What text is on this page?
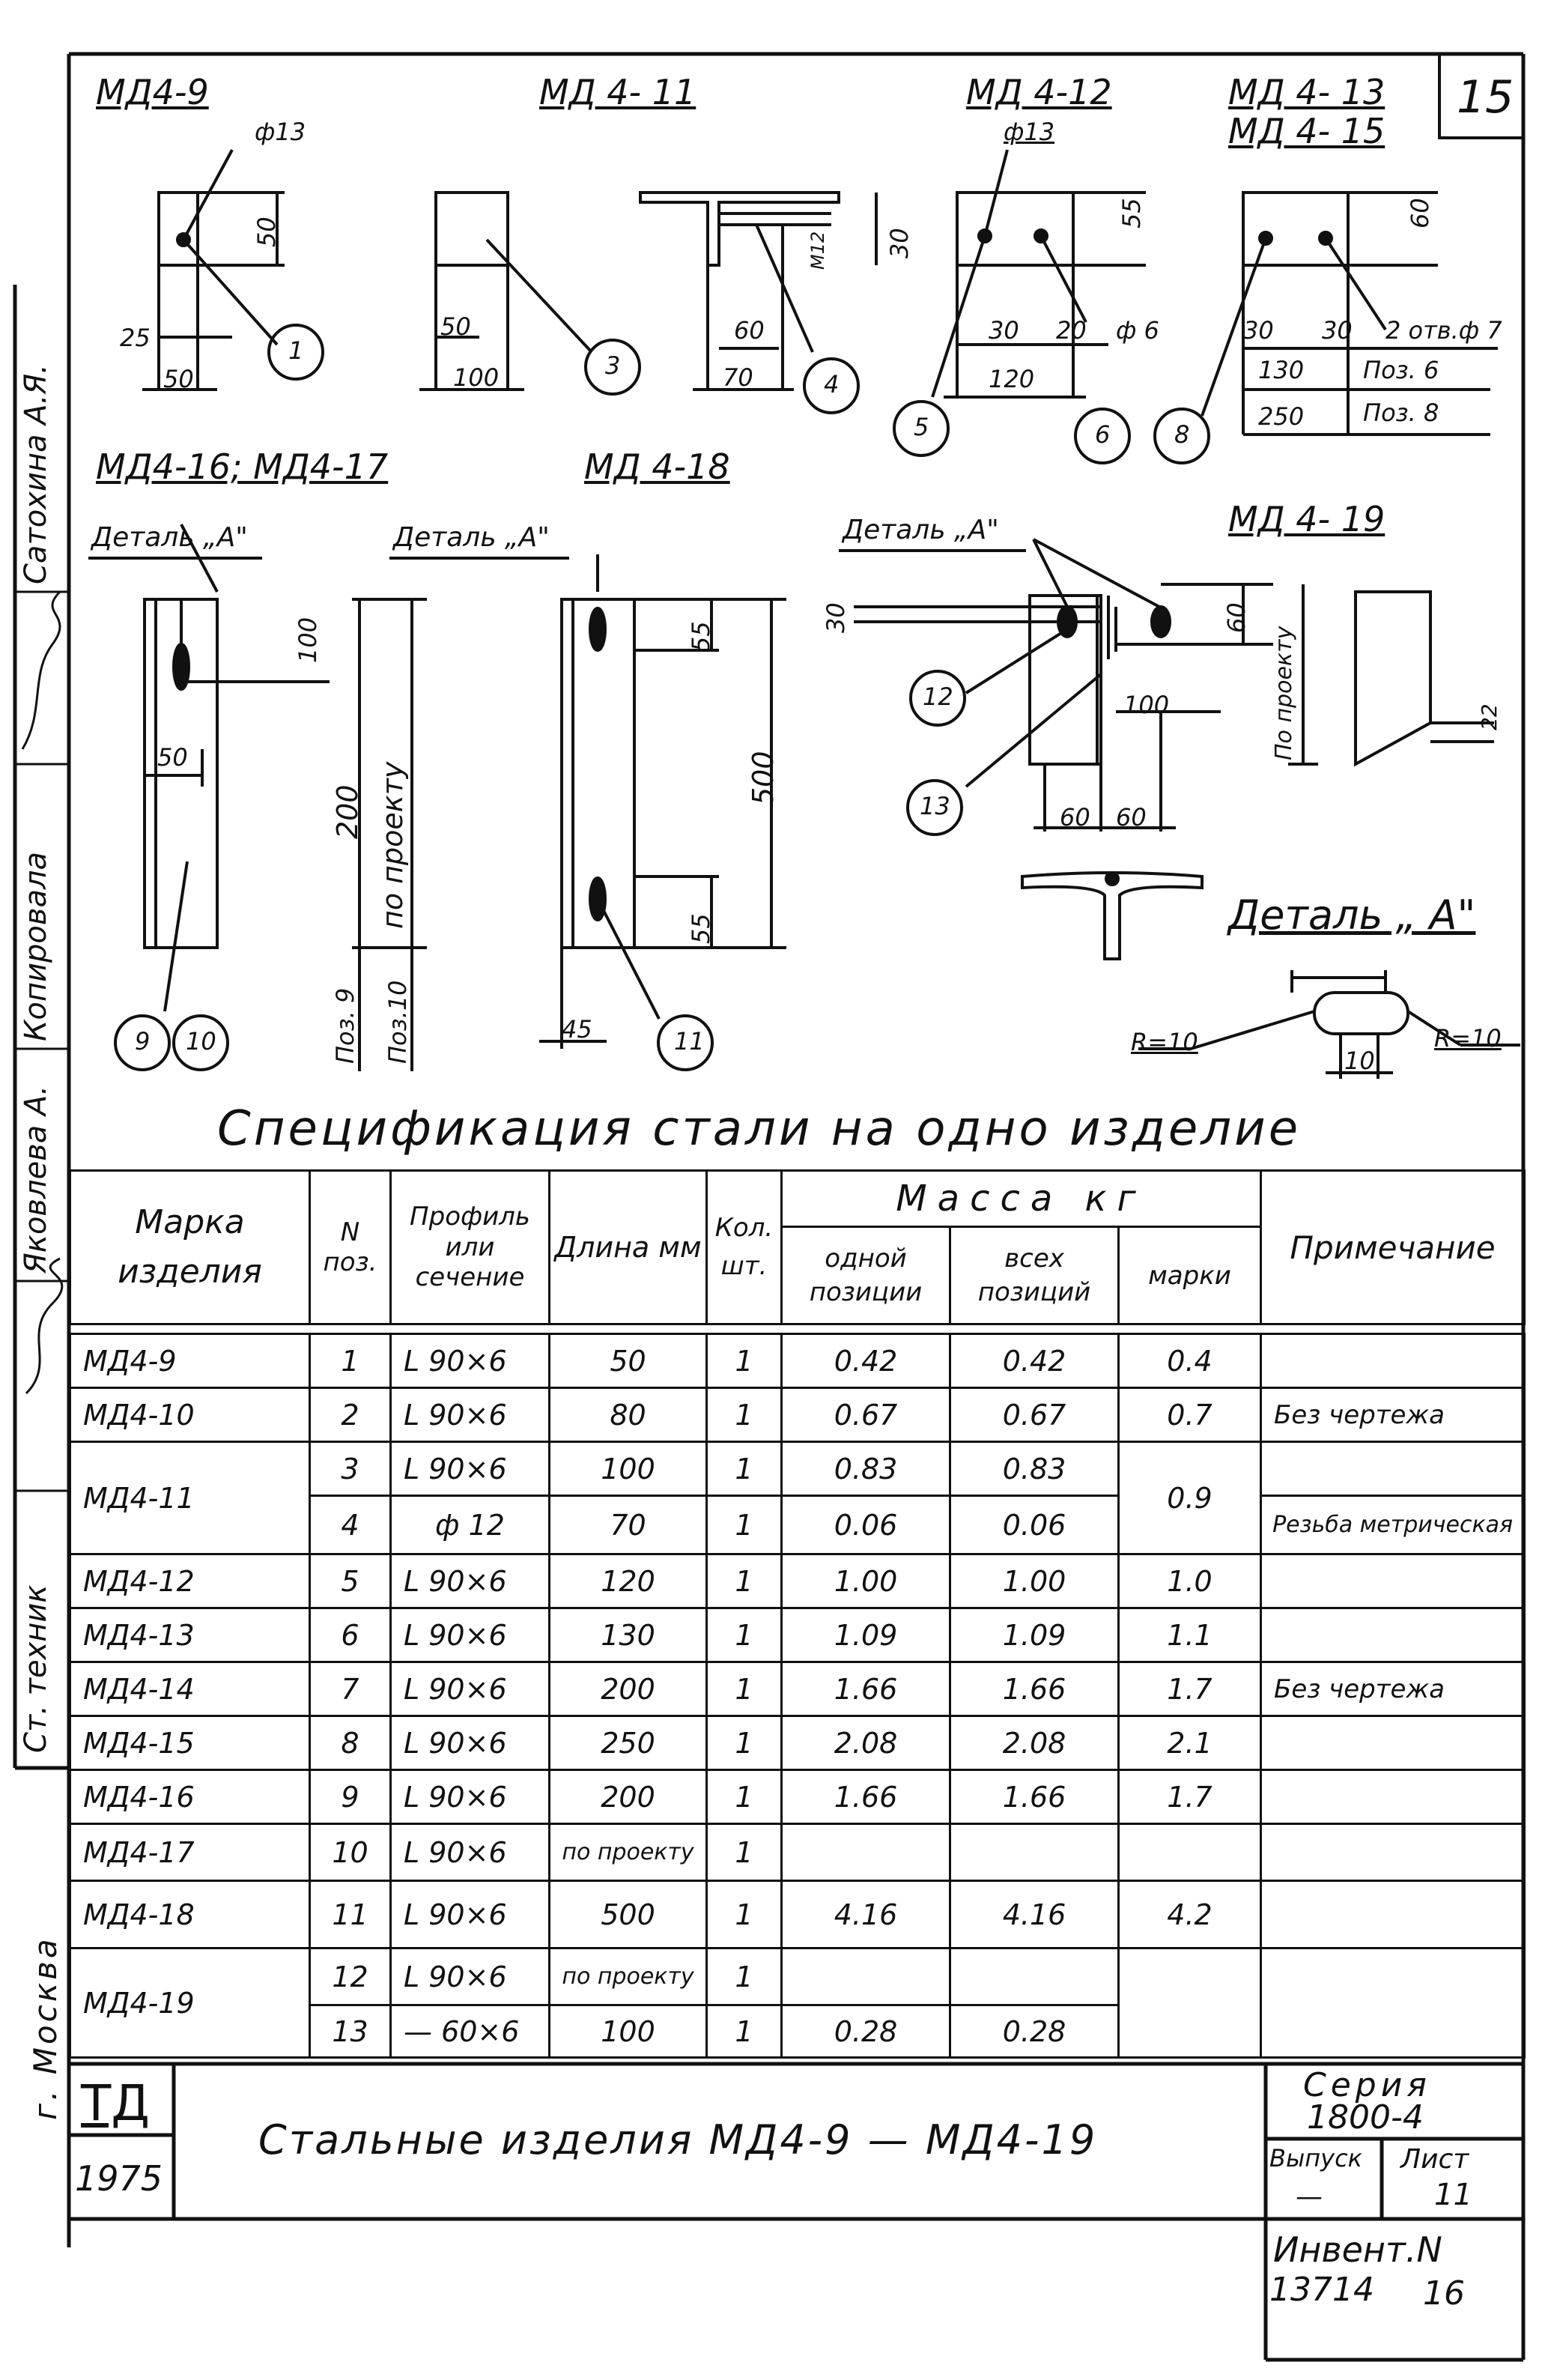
15
МД4-9
ф13
50
25
50
1
МД 4- 11
50
100	3
60
70
М12 30
4
МД 4-12
ф13
55
30 20 ф 6
120
5	6
МД 4- 13
МД 4- 15
60
30 30 2 отв.ф 7
130 Поз. 6
250 Поз. 8
8
МД4-16; МД4-17
Деталь „А"
100
50
200 по проекту
Поз. 9 Поз.10
9 10
МД 4-18
Деталь „А"
55
500
55
45	11
МД 4- 19
Деталь „А"
30	60
100	По проекту	22
60 60
12
13
Деталь „ А"
R=10	R=10
10
Спецификация стали на одно изделие
Марка изделия	N поз.	Профиль или сечение	Длина мм	Кол. шт.	Масса кг			Примечание
					одной позиции	всех позиций	марки	

МД4-9	1	L 90×6	50	1	0.42	0.42	0.4	
МД4-10	2	L 90×6	80	1	0.67	0.67	0.7	Без чертежа
МД4-11	3	L 90×6	100	1	0.83	0.83	0.9	
	4	ф 12	70	1	0.06	0.06		Резьба метрическая
МД4-12	5	L 90×6	120	1	1.00	1.00	1.0	
МД4-13	6	L 90×6	130	1	1.09	1.09	1.1	
МД4-14	7	L 90×6	200	1	1.66	1.66	1.7	Без чертежа
МД4-15	8	L 90×6	250	1	2.08	2.08	2.1	
МД4-16	9	L 90×6	200	1	1.66	1.66	1.7	
МД4-17	10	L 90×6	по проекту	1				
МД4-18	11	L 90×6	500	1	4.16	4.16	4.2	
МД4-19	12	L 90×6	по проекту	1				
	13	— 60×6	100	1	0.28	0.28		
ТД
1975
Стальные изделия МД4-9 — МД4-19
Серия
1800-4
Выпуск
—
Лист
11
Инвент.N
13714 16
г. Москва
Ст. техник
Яковлева А.
Копировала
Сатохина А.Я.
